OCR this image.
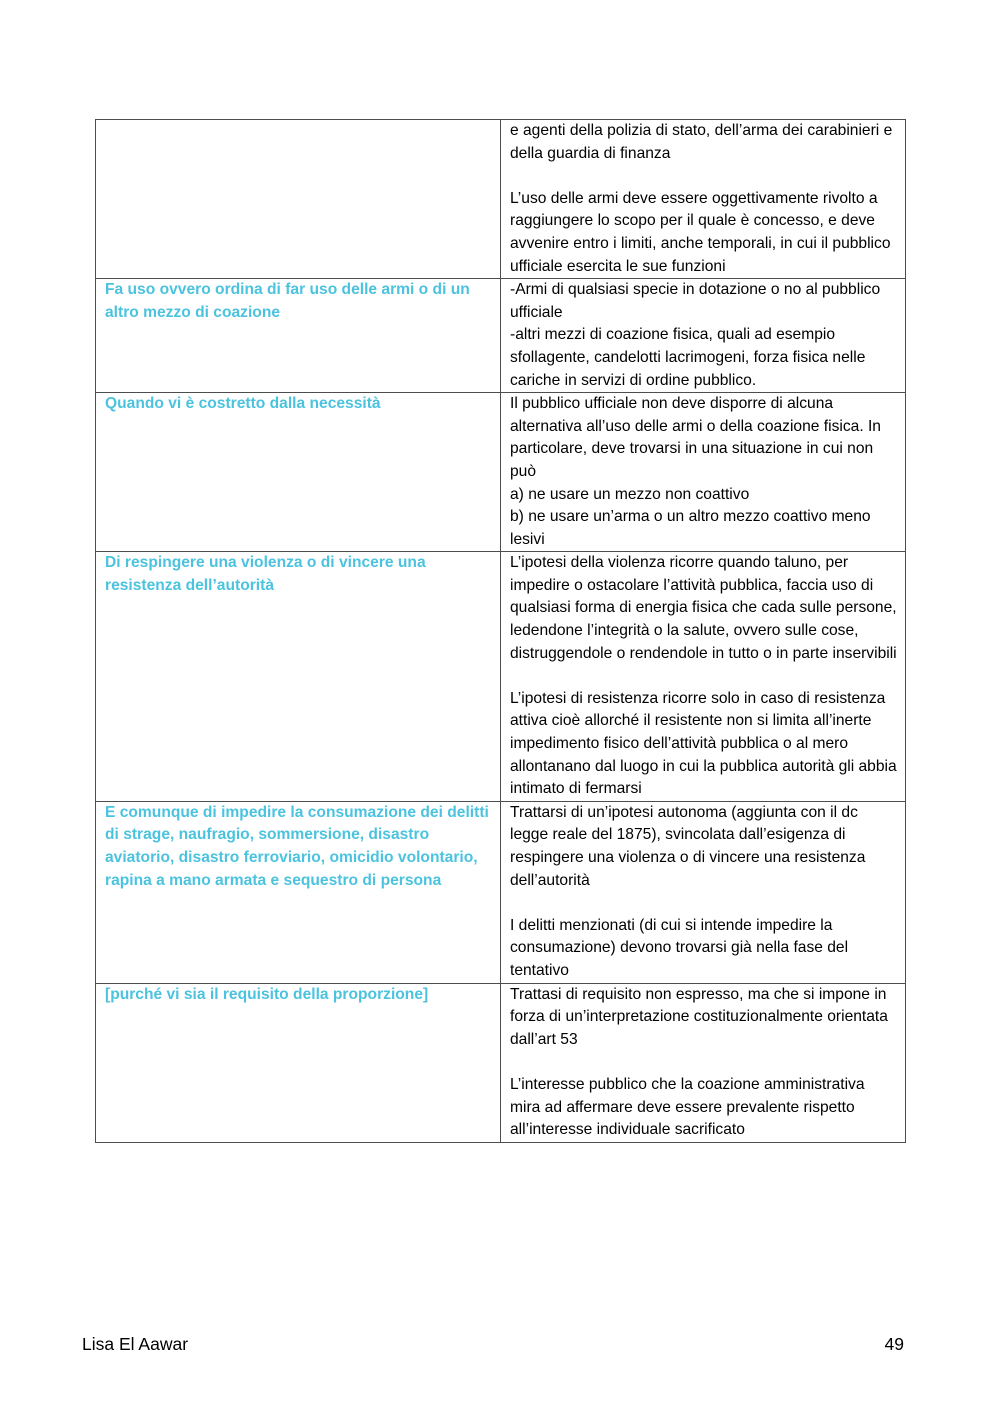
	e agenti della polizia di stato, dell’arma dei carabinieri e della guardia di finanza

L’uso delle armi deve essere oggettivamente rivolto a raggiungere lo scopo per il quale è concesso, e deve avvenire entro i limiti, anche temporali, in cui il pubblico ufficiale esercita le sue funzioni
Fa uso ovvero ordina di far uso delle armi o di un altro mezzo di coazione	-Armi di qualsiasi specie in dotazione o no al pubblico ufficiale
-altri mezzi di coazione fisica, quali ad esempio sfollagente, candelotti lacrimogeni, forza fisica nelle cariche in servizi di ordine pubblico.
Quando vi è costretto dalla necessità	Il pubblico ufficiale non deve disporre di alcuna alternativa all’uso delle armi o della coazione fisica. In particolare, deve trovarsi in una situazione in cui non può
a) ne usare un mezzo non coattivo
b) ne usare un’arma o un altro mezzo coattivo meno lesivi
Di respingere una violenza o di vincere una resistenza dell’autorità	L’ipotesi della violenza ricorre quando taluno, per impedire o ostacolare l’attività pubblica, faccia uso di qualsiasi forma di energia fisica che cada sulle persone, ledendone l’integrità o la salute, ovvero sulle cose, distruggendole o rendendole in tutto o in parte inservibili

L’ipotesi di resistenza ricorre solo in caso di resistenza attiva cioè allorché il resistente non si limita all’inerte impedimento fisico dell’attività pubblica o al mero allontanano dal luogo in cui la pubblica autorità gli abbia intimato di fermarsi
E comunque di impedire la consumazione dei delitti di strage, naufragio, sommersione, disastro aviatorio, disastro ferroviario, omicidio volontario, rapina a mano armata e sequestro di persona	Trattarsi di un’ipotesi autonoma (aggiunta con il dc legge reale del 1875), svincolata dall’esigenza di respingere una violenza o di vincere una resistenza dell’autorità

I delitti menzionati (di cui si intende impedire la consumazione) devono trovarsi già nella fase del tentativo
[purché vi sia il requisito della proporzione]	Trattasi di requisito non espresso, ma che si impone in forza di un’interpretazione costituzionalmente orientata dall’art 53

L’interesse pubblico che la coazione amministrativa mira ad affermare deve essere prevalente rispetto all’interesse individuale sacrificato
Lisa El Aawar	49
